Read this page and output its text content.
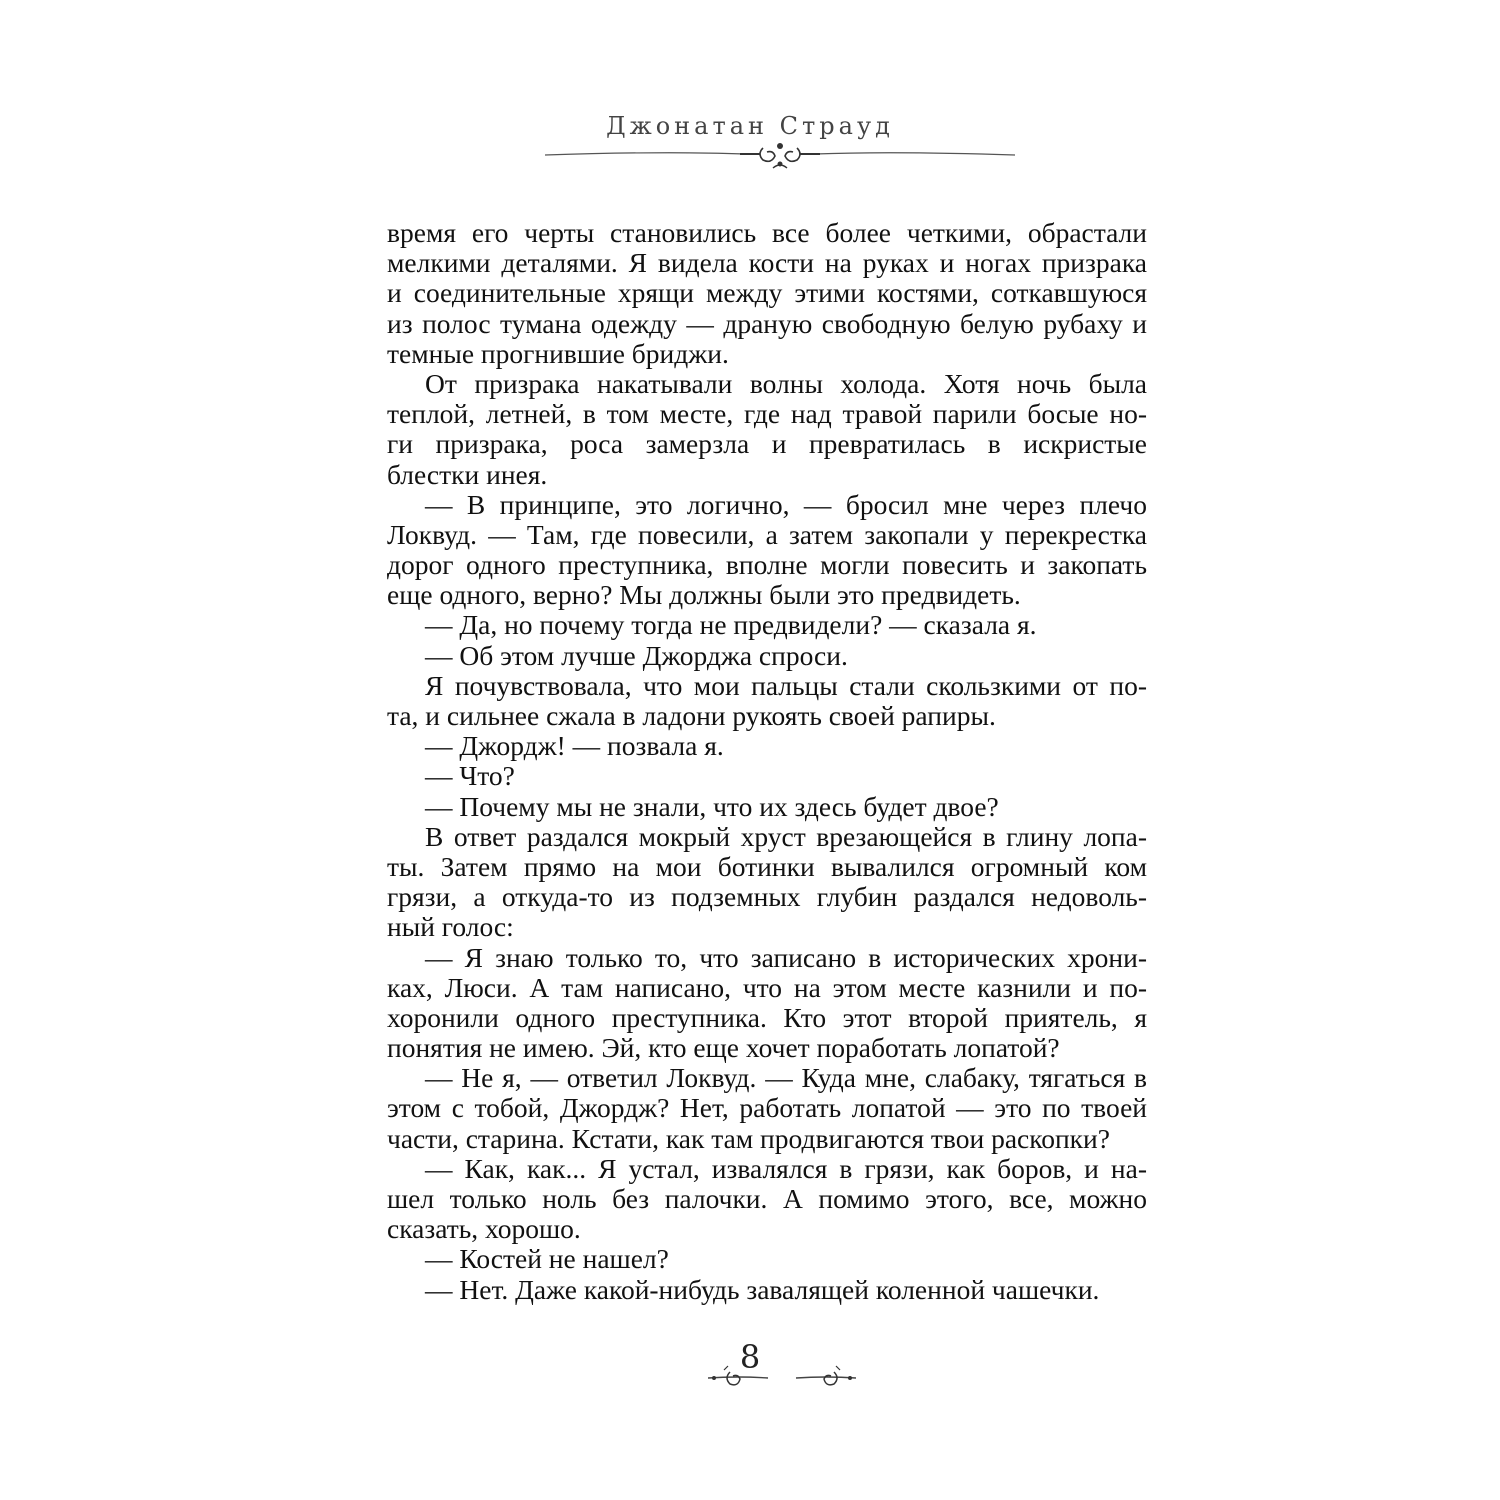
Джонатан Страуд
время его черты становились все более четкими, обрастали
мелкими деталями. Я видела кости на руках и ногах призрака
и соединительные хрящи между этими костями, соткавшуюся
из полос тумана одежду — драную свободную белую рубаху и
темные прогнившие бриджи.
От призрака накатывали волны холода. Хотя ночь была
теплой, летней, в том месте, где над травой парили босые но-
ги призрака, роса замерзла и превратилась в искристые
блестки инея.
— В принципе, это логично, — бросил мне через плечо
Локвуд. — Там, где повесили, а затем закопали у перекрестка
дорог одного преступника, вполне могли повесить и закопать
еще одного, верно? Мы должны были это предвидеть.
— Да, но почему тогда не предвидели? — сказала я.
— Об этом лучше Джорджа спроси.
Я почувствовала, что мои пальцы стали скользкими от по-
та, и сильнее сжала в ладони рукоять своей рапиры.
— Джордж! — позвала я.
— Что?
— Почему мы не знали, что их здесь будет двое?
В ответ раздался мокрый хруст врезающейся в глину лопа-
ты. Затем прямо на мои ботинки вывалился огромный ком
грязи, а откуда-то из подземных глубин раздался недоволь-
ный голос:
— Я знаю только то, что записано в исторических хрони-
ках, Люси. А там написано, что на этом месте казнили и по-
хоронили одного преступника. Кто этот второй приятель, я
понятия не имею. Эй, кто еще хочет поработать лопатой?
— Не я, — ответил Локвуд. — Куда мне, слабаку, тягаться в
этом с тобой, Джордж? Нет, работать лопатой — это по твоей
части, старина. Кстати, как там продвигаются твои раскопки?
— Как, как... Я устал, извалялся в грязи, как боров, и на-
шел только ноль без палочки. А помимо этого, все, можно
сказать, хорошо.
— Костей не нашел?
— Нет. Даже какой-нибудь завалящей коленной чашечки.
8
